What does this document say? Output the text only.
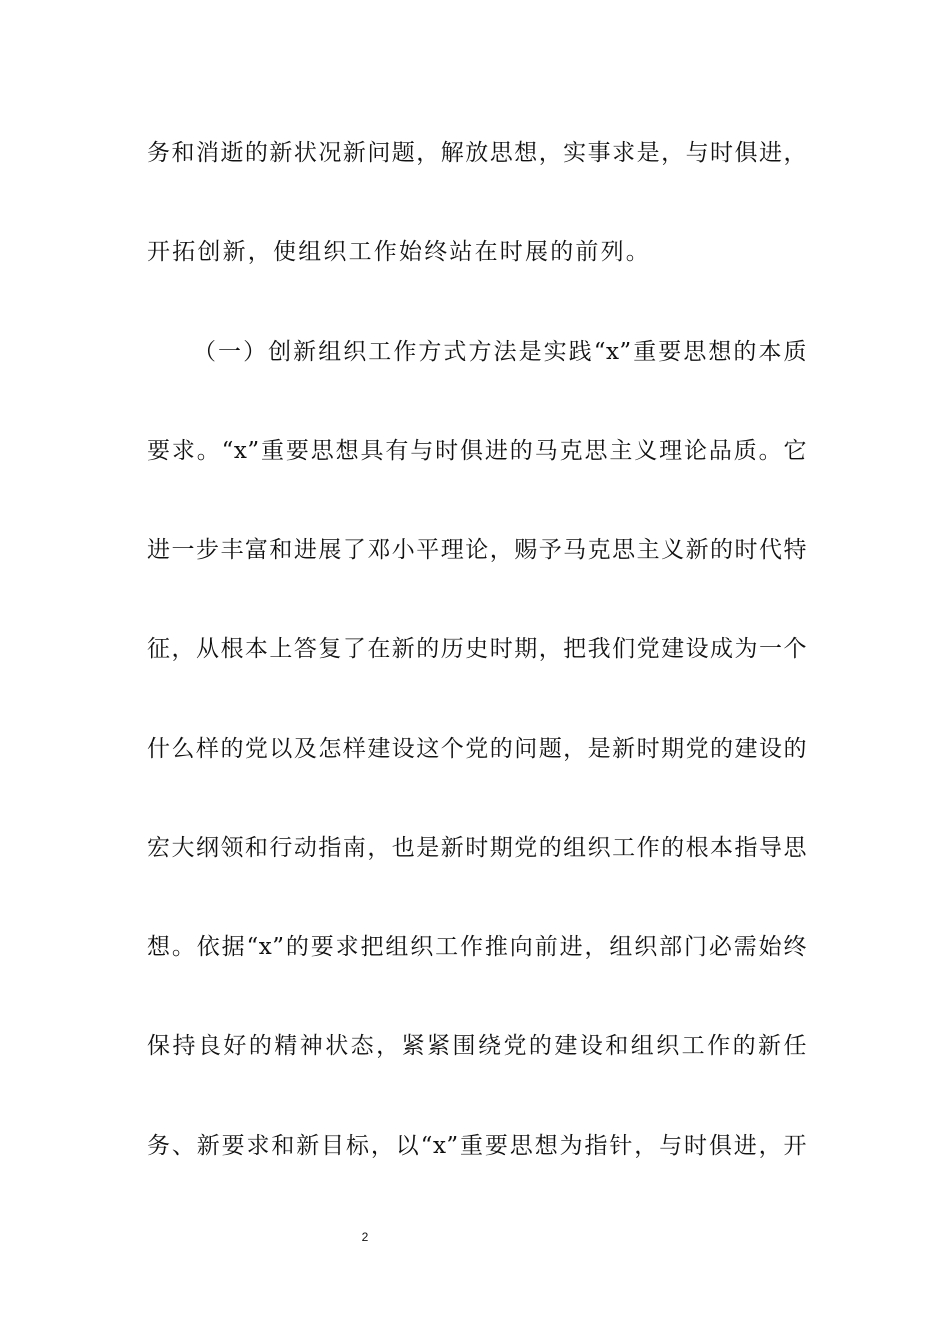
务和消逝的新状况新问题，解放思想，实事求是，与时俱进，

开拓创新，使组织工作始终站在时展的前列。

（一）创新组织工作方式方法是实践“x”重要思想的本质

要求。“x”重要思想具有与时俱进的马克思主义理论品质。它

进一步丰富和进展了邓小平理论，赐予马克思主义新的时代特

征，从根本上答复了在新的历史时期，把我们党建设成为一个

什么样的党以及怎样建设这个党的问题，是新时期党的建设的

宏大纲领和行动指南，也是新时期党的组织工作的根本指导思

想。依据“x”的要求把组织工作推向前进，组织部门必需始终

保持良好的精神状态，紧紧围绕党的建设和组织工作的新任

务、新要求和新目标，以“x”重要思想为指针，与时俱进，开

2
